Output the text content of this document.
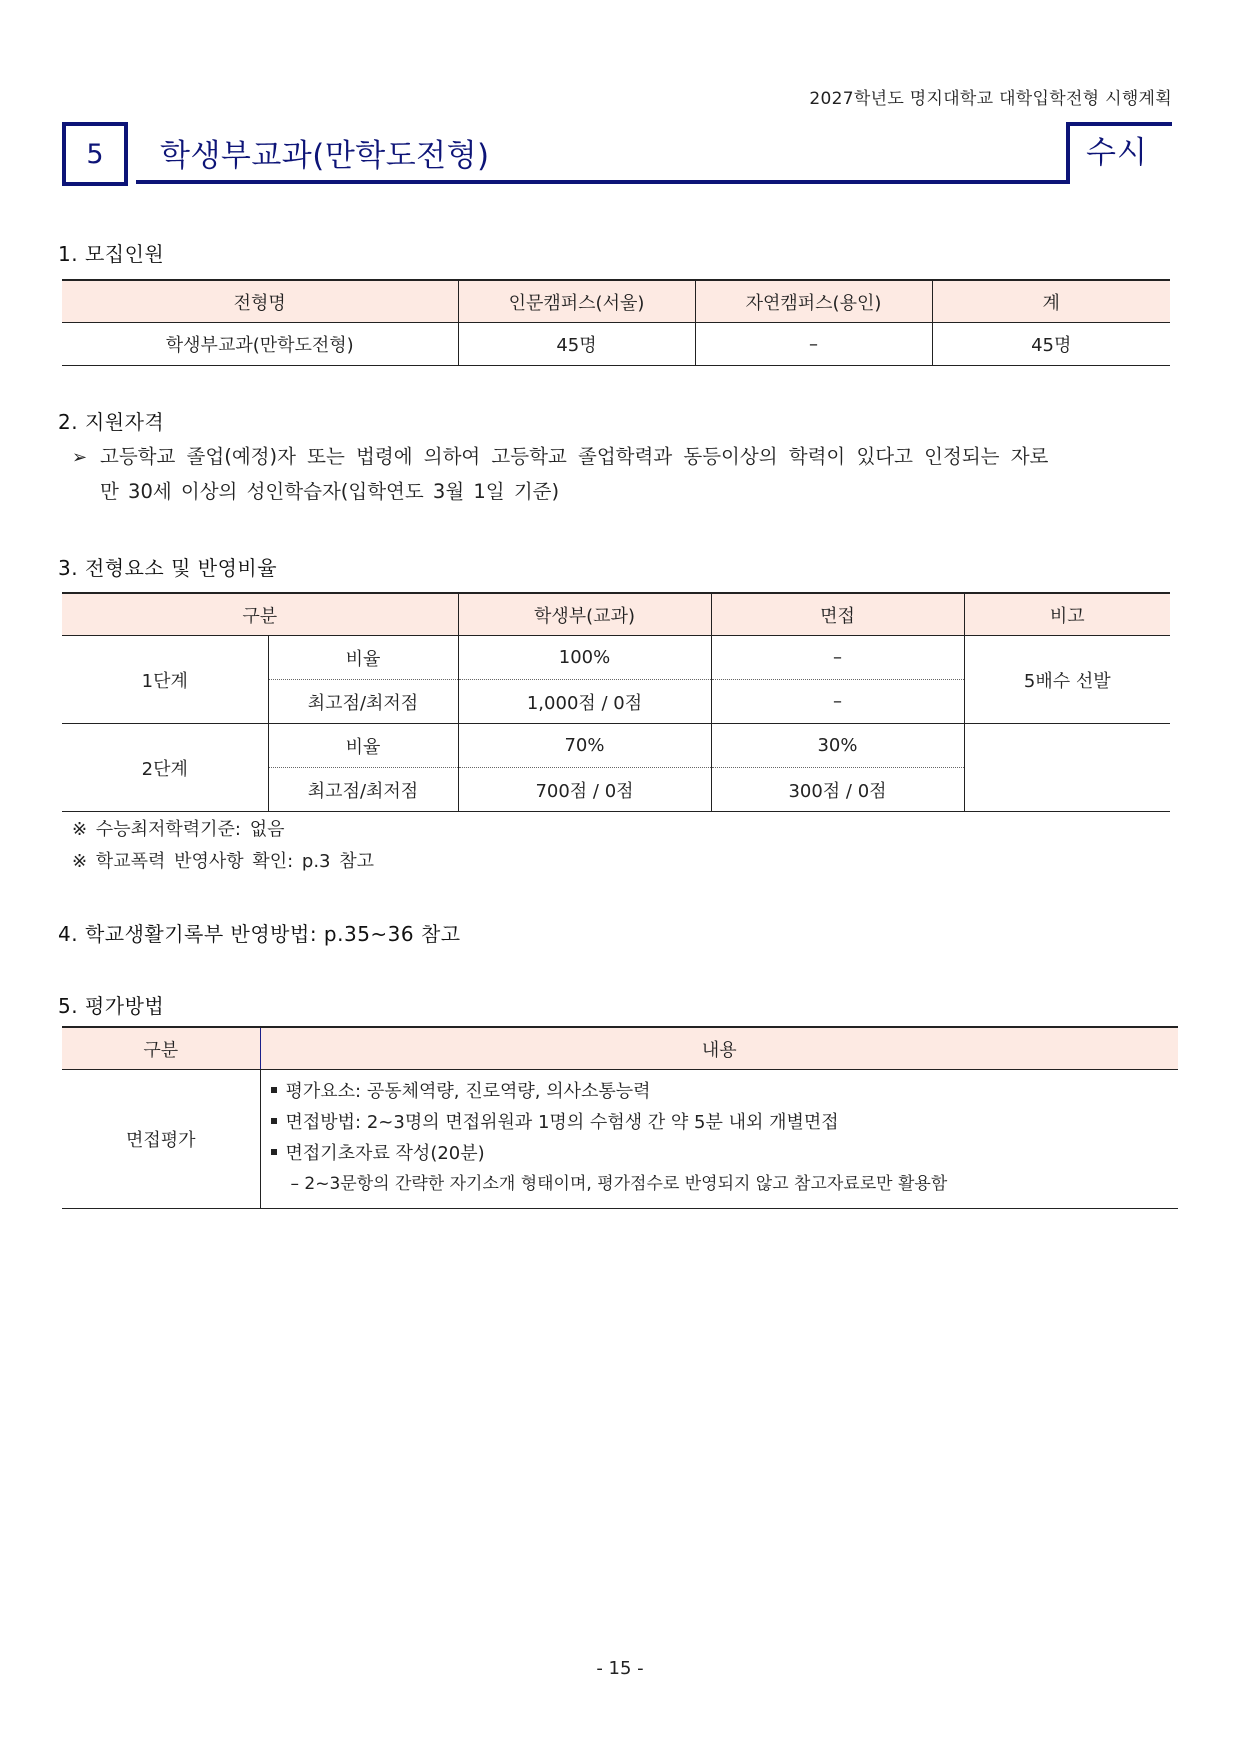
2027학년도 명지대학교 대학입학전형 시행계획
5 학생부교과(만학도전형)	수시
1. 모집인원
전형명	인문캠퍼스(서울)	자연캠퍼스(용인)	계
학생부교과(만학도전형)	45명	–	45명
2. 지원자격
➢ 고등학교 졸업(예정)자 또는 법령에 의하여 고등학교 졸업학력과 동등이상의 학력이 있다고 인정되는 자로
만 30세 이상의 성인학습자(입학연도 3월 1일 기준)
3. 전형요소 및 반영비율
구분		학생부(교과)	면접	비고
1단계	비율	100%	–	5배수 선발
	최고점/최저점	1,000점 / 0점	–	
2단계	비율	70%	30%	
	최고점/최저점	700점 / 0점	300점 / 0점	
※ 수능최저학력기준: 없음
※ 학교폭력 반영사항 확인: p.3 참고
4. 학교생활기록부 반영방법: p.35~36 참고
5. 평가방법
구분	내용
면접평가	평가요소: 공동체역량, 진로역량, 의사소통능력
면접방법: 2~3명의 면접위원과 1명의 수험생 간 약 5분 내외 개별면접
면접기초자료 작성(20분)
– 2~3문항의 간략한 자기소개 형태이며, 평가점수로 반영되지 않고 참고자료로만 활용함
- 15 -
